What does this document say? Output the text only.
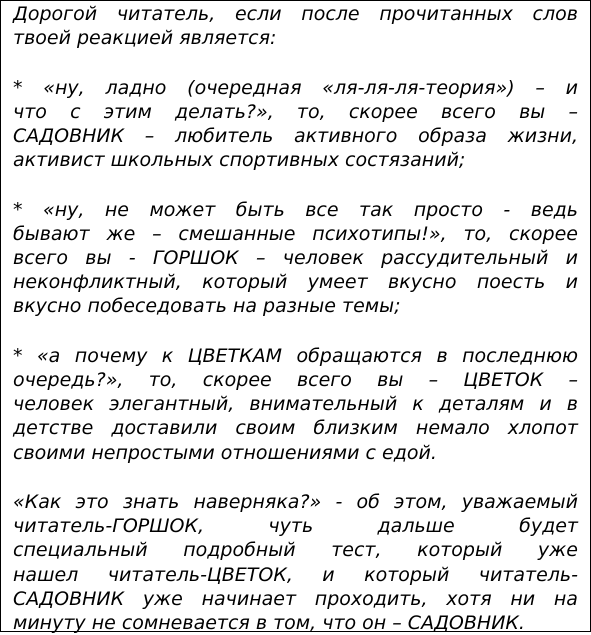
Дорогой читатель, если после прочитанных слов
твоей реакцией является:

* «ну, ладно (очередная «ля-ля-ля-теория») – и
что с этим делать?», то, скорее всего вы –
САДОВНИК – любитель активного образа жизни,
активист школьных спортивных состязаний;

* «ну, не может быть все так просто - ведь
бывают же – смешанные психотипы!», то, скорее
всего вы - ГОРШОК – человек рассудительный и
неконфликтный, который умеет вкусно поесть и
вкусно побеседовать на разные темы;

* «а почему к ЦВЕТКАМ обращаются в последнюю
очередь?», то, скорее всего вы – ЦВЕТОК –
человек элегантный, внимательный к деталям и в
детстве доставили своим близким немало хлопот
своими непростыми отношениями с едой.

«Как это знать наверняка?» - об этом, уважаемый
читатель-ГОРШОК,	чуть	дальше	будет
специальный подробный тест, который уже
нашел читатель-ЦВЕТОК, и который читатель-
САДОВНИК уже начинает проходить, хотя ни на
минуту не сомневается в том, что он – САДОВНИК.
